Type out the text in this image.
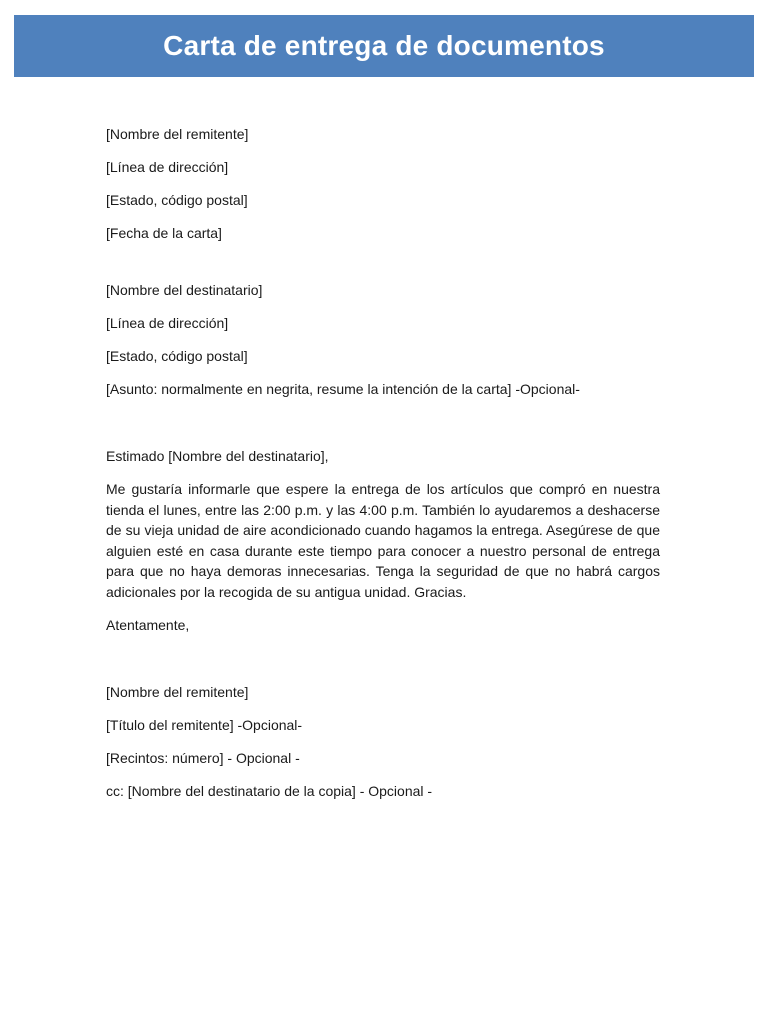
Carta de entrega de documentos

[Nombre del remitente]

[Línea de dirección]

[Estado, código postal]

[Fecha de la carta]

[Nombre del destinatario]

[Línea de dirección]

[Estado, código postal]

[Asunto: normalmente en negrita, resume la intención de la carta] -Opcional-

Estimado [Nombre del destinatario],

Me gustaría informarle que espere la entrega de los artículos que compró en nuestra tienda el lunes, entre las 2:00 p.m. y las 4:00 p.m. También lo ayudaremos a deshacerse de su vieja unidad de aire acondicionado cuando hagamos la entrega. Asegúrese de que alguien esté en casa durante este tiempo para conocer a nuestro personal de entrega para que no haya demoras innecesarias. Tenga la seguridad de que no habrá cargos adicionales por la recogida de su antigua unidad. Gracias.

Atentamente,

[Nombre del remitente]

[Título del remitente] -Opcional-

[Recintos: número] - Opcional -

cc: [Nombre del destinatario de la copia] - Opcional -
